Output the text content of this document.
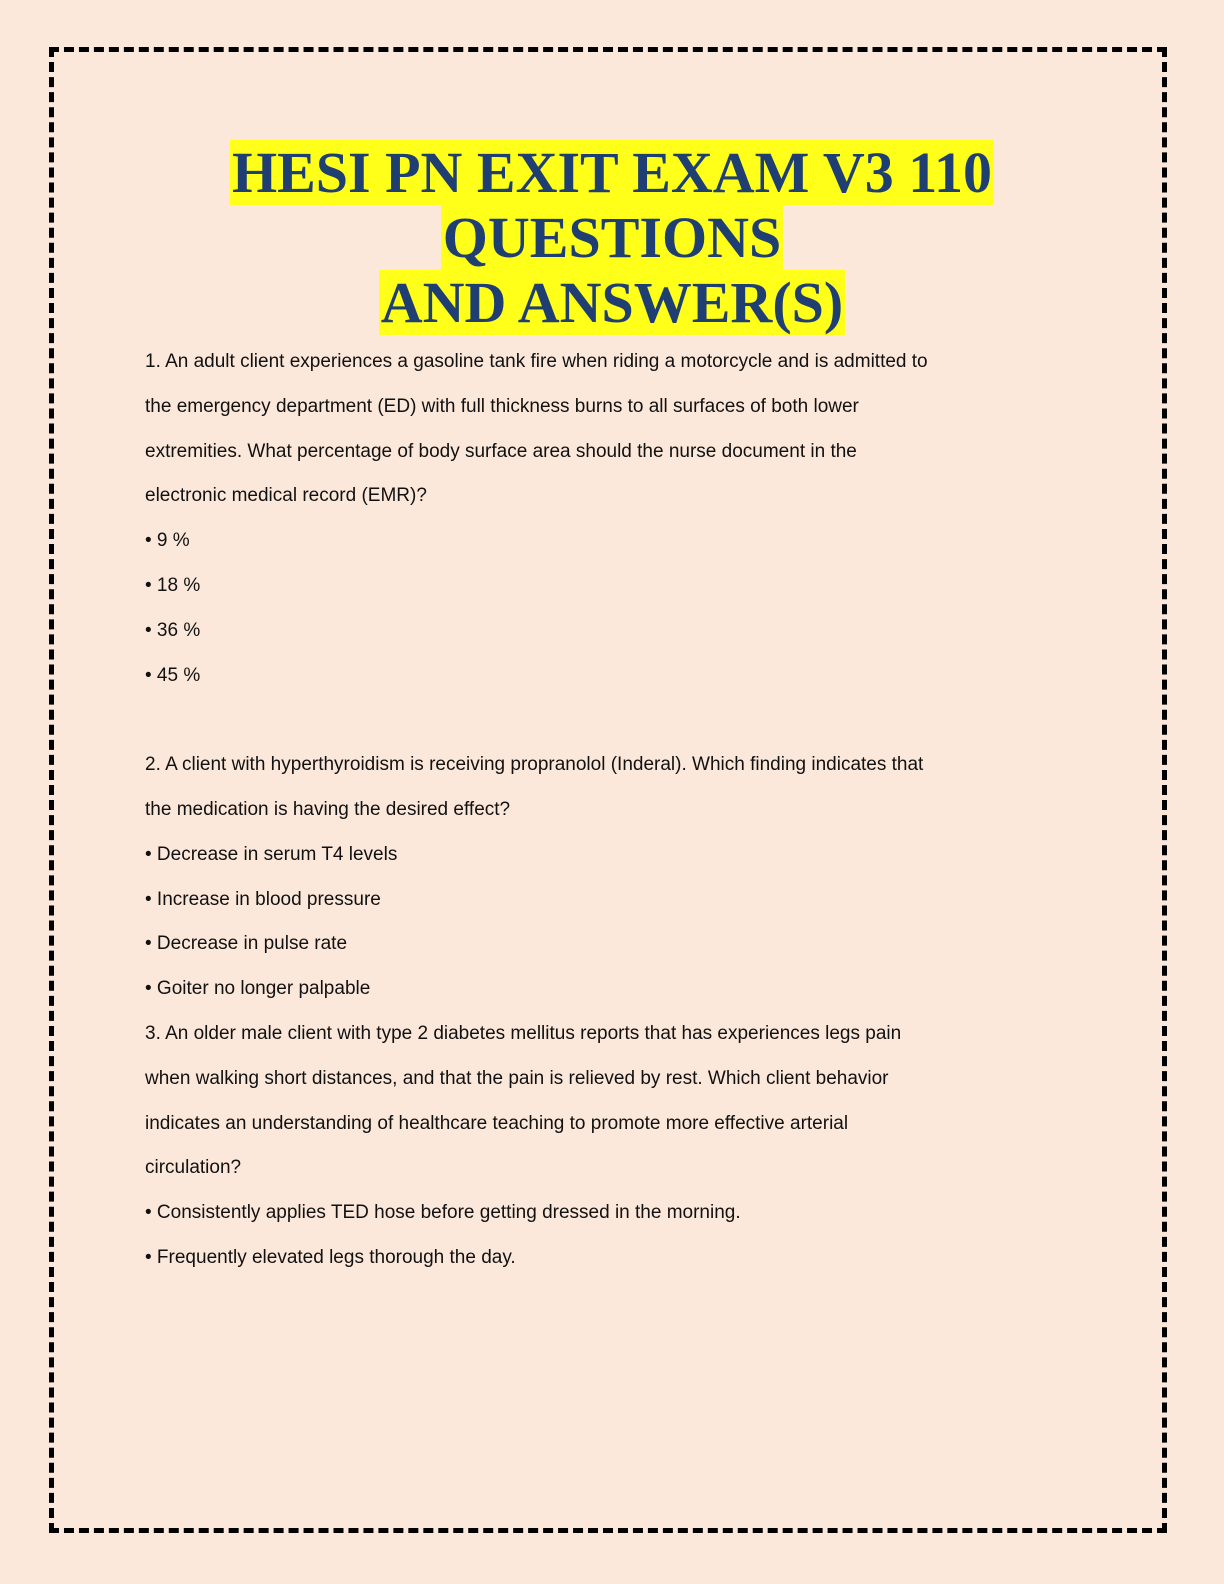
HESI PN EXIT EXAM V3 110
QUESTIONS
AND ANSWER(S)
1. An adult client experiences a gasoline tank fire when riding a motorcycle and is admitted to
the emergency department (ED) with full thickness burns to all surfaces of both lower
extremities. What percentage of body surface area should the nurse document in the
electronic medical record (EMR)?
• 9 %
• 18 %
• 36 %
• 45 %
2. A client with hyperthyroidism is receiving propranolol (Inderal). Which finding indicates that
the medication is having the desired effect?
• Decrease in serum T4 levels
• Increase in blood pressure
• Decrease in pulse rate
• Goiter no longer palpable
3. An older male client with type 2 diabetes mellitus reports that has experiences legs pain
when walking short distances, and that the pain is relieved by rest. Which client behavior
indicates an understanding of healthcare teaching to promote more effective arterial
circulation?
• Consistently applies TED hose before getting dressed in the morning.
• Frequently elevated legs thorough the day.
